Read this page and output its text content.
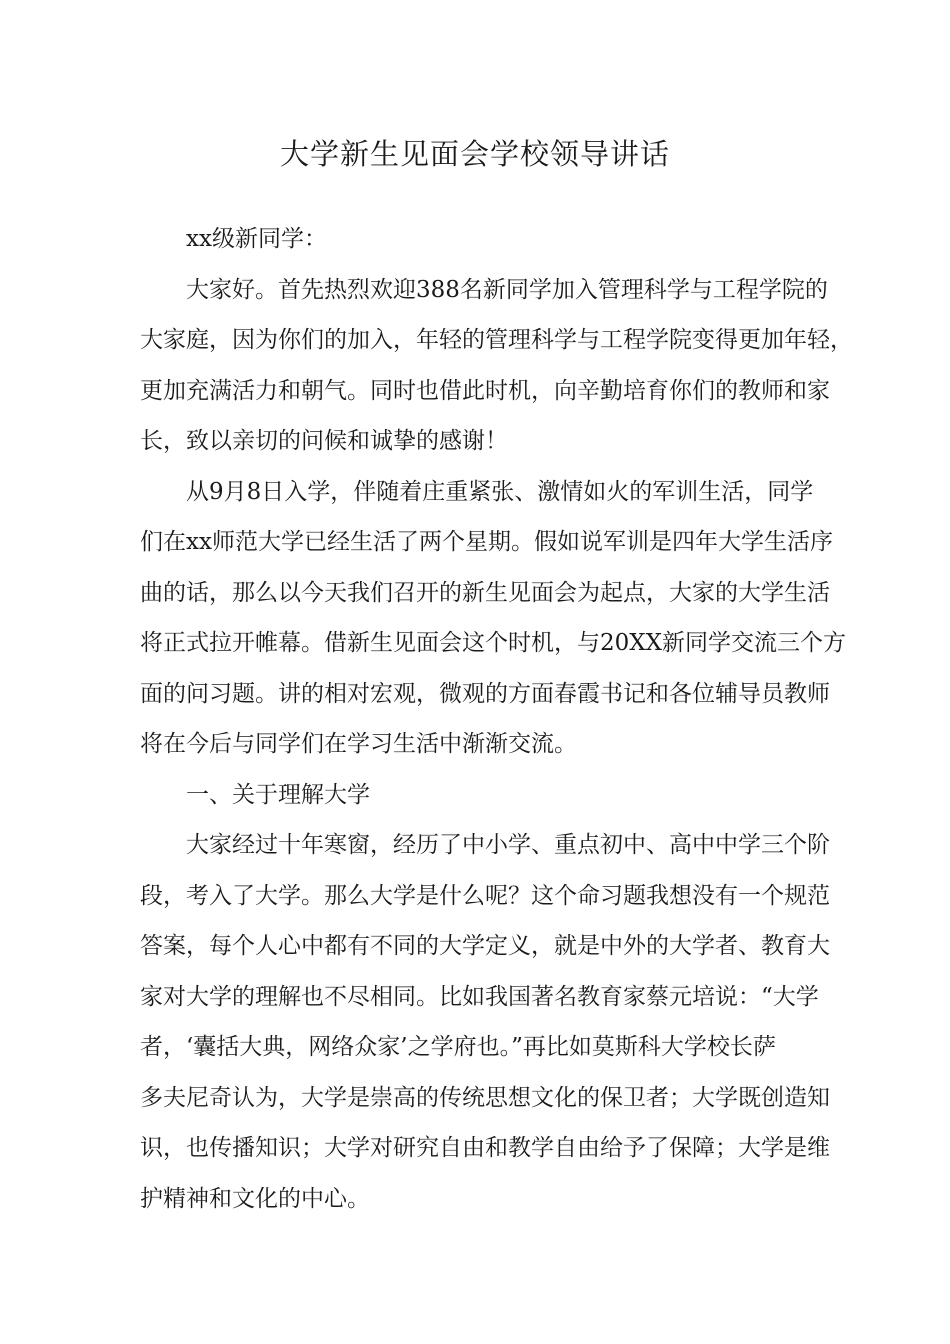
大学新生见面会学校领导讲话

xx级新同学：

大家好。首先热烈欢迎388名新同学加入管理科学与工程学院的
大家庭，因为你们的加入，年轻的管理科学与工程学院变得更加年轻，
更加充满活力和朝气。同时也借此时机，向辛勤培育你们的教师和家
长，致以亲切的问候和诚挚的感谢！

从9月8日入学，伴随着庄重紧张、激情如火的军训生活，同学
们在xx师范大学已经生活了两个星期。假如说军训是四年大学生活序
曲的话，那么以今天我们召开的新生见面会为起点，大家的大学生活
将正式拉开帷幕。借新生见面会这个时机，与20XX新同学交流三个方
面的问习题。讲的相对宏观，微观的方面春霞书记和各位辅导员教师
将在今后与同学们在学习生活中渐渐交流。

一、关于理解大学

大家经过十年寒窗，经历了中小学、重点初中、高中中学三个阶
段，考入了大学。那么大学是什么呢？这个命习题我想没有一个规范
答案，每个人心中都有不同的大学定义，就是中外的大学者、教育大
家对大学的理解也不尽相同。比如我国著名教育家蔡元培说：“大学
者，‘囊括大典，网络众家’之学府也。”再比如莫斯科大学校长萨
多夫尼奇认为，大学是崇高的传统思想文化的保卫者；大学既创造知
识，也传播知识；大学对研究自由和教学自由给予了保障；大学是维
护精神和文化的中心。
